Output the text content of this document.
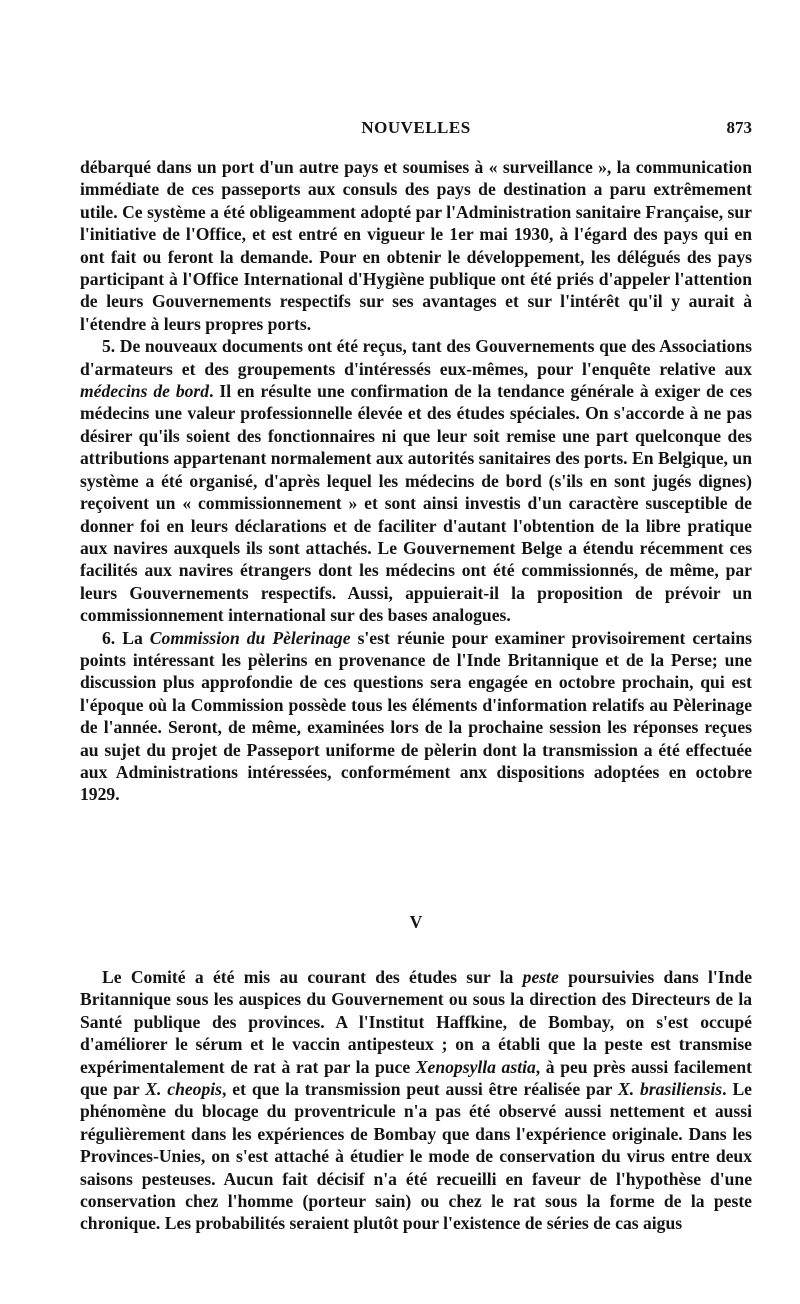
NOUVELLES	873

débarqué dans un port d'un autre pays et soumises à « surveillance », la communication immédiate de ces passeports aux consuls des pays de destination a paru extrêmement utile. Ce système a été obligeamment adopté par l'Administration sanitaire Française, sur l'initiative de l'Office, et est entré en vigueur le 1er mai 1930, à l'égard des pays qui en ont fait ou feront la demande. Pour en obtenir le développement, les délégués des pays participant à l'Office International d'Hygiène publique ont été priés d'appeler l'attention de leurs Gouvernements respectifs sur ses avantages et sur l'intérêt qu'il y aurait à l'étendre à leurs propres ports.

5. De nouveaux documents ont été reçus, tant des Gouvernements que des Associations d'armateurs et des groupements d'intéressés eux-mêmes, pour l'enquête relative aux médecins de bord. Il en résulte une confirmation de la tendance générale à exiger de ces médecins une valeur professionnelle élevée et des études spéciales. On s'accorde à ne pas désirer qu'ils soient des fonctionnaires ni que leur soit remise une part quelconque des attributions appartenant normalement aux autorités sanitaires des ports. En Belgique, un système a été organisé, d'après lequel les médecins de bord (s'ils en sont jugés dignes) reçoivent un « commissionnement » et sont ainsi investis d'un caractère susceptible de donner foi en leurs déclarations et de faciliter d'autant l'obtention de la libre pratique aux navires auxquels ils sont attachés. Le Gouvernement Belge a étendu récemment ces facilités aux navires étrangers dont les médecins ont été commissionnés, de même, par leurs Gouvernements respectifs. Aussi, appuierait-il la proposition de prévoir un commissionnement international sur des bases analogues.

6. La Commission du Pèlerinage s'est réunie pour examiner provisoirement certains points intéressant les pèlerins en provenance de l'Inde Britannique et de la Perse; une discussion plus approfondie de ces questions sera engagée en octobre prochain, qui est l'époque où la Commission possède tous les éléments d'information relatifs au Pèlerinage de l'année. Seront, de même, examinées lors de la prochaine session les réponses reçues au sujet du projet de Passeport uniforme de pèlerin dont la transmission a été effectuée aux Administrations intéressées, conformément anx dispositions adoptées en octobre 1929.

V

Le Comité a été mis au courant des études sur la peste poursuivies dans l'Inde Britannique sous les auspices du Gouvernement ou sous la direction des Directeurs de la Santé publique des provinces. A l'Institut Haffkine, de Bombay, on s'est occupé d'améliorer le sérum et le vaccin antipesteux ; on a établi que la peste est transmise expérimentalement de rat à rat par la puce Xenopsylla astia, à peu près aussi facilement que par X. cheopis, et que la transmission peut aussi être réalisée par X. brasiliensis. Le phénomène du blocage du proventricule n'a pas été observé aussi nettement et aussi régulièrement dans les expériences de Bombay que dans l'expérience originale. Dans les Provinces-Unies, on s'est attaché à étudier le mode de conservation du virus entre deux saisons pesteuses. Aucun fait décisif n'a été recueilli en faveur de l'hypothèse d'une conservation chez l'homme (porteur sain) ou chez le rat sous la forme de la peste chronique. Les probabilités seraient plutôt pour l'existence de séries de cas aigus
